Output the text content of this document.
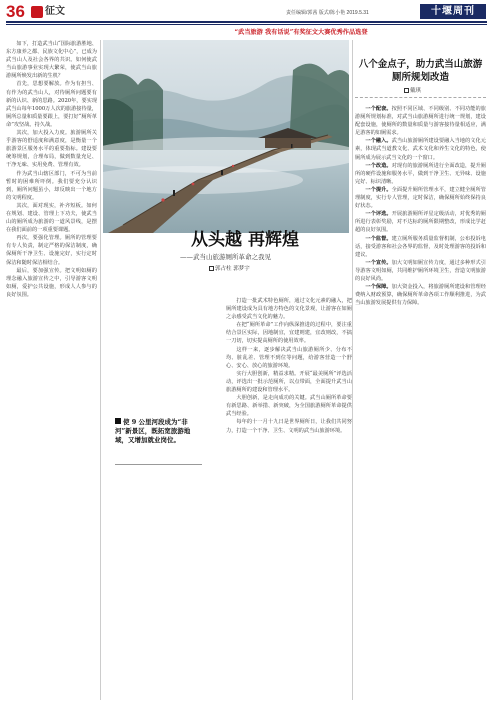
36 征文	责任编辑/郭茜 版式/陈小艳 2019.5.31	十堰周刊
“武当旅游 我有话说”有奖征文大赛优秀作品选登

如下，打造武当山“国际旅游胜地、东方康养之都、民族文化中心”，已成为武当山人及社会各界的共识。如何使武当山旅游事业实现大繁荣，使武当山旅游厕所焕发出新的生机？

首先，思想要解放。作为有担当、有作为的武当山人，对待厕所问题要有新的认识、新的思路。2020年，要实现武当山每年1000万人次的旅游接待量，厕所总量和质量要跟上，要打好“厕所革命”攻坚战、持久战。

其次，加大投入力度。旅游厕所关乎游客的舒适度和满意度，是衡量一个旅游景区服务水平的重要指标。建设要统筹规划，合理布局，做到数量充足、干净无味、实用免费、管理有效。

作为武当山辖区部门，不可为当前暂时的困难所吓倒。我们要充分认识到，厕所问题虽小，却反映出一个地方的文明程度。

其次，面对现实，补齐短板。如何在规划、建设、管理上下功夫，使武当山的厕所成为旅游的一道风景线，是摆在我们面前的一项重要课题。

再次，要强化管理。厕所的管理要有专人负责，制定严格的保洁制度，确保厕所干净卫生、设施完好，实行定时保洁和随时保洁相结合。

最后，要加强宣传。把文明如厕的理念融入旅游宣传之中，引导游客文明如厕，爱护公共设施，形成人人参与的良好氛围。

从头越 再辉煌
——武当山旅游厕所革命之我见
郭占柱 郭梦宇
使 9 公里河段成为“非河”新景区，既拓宽旅游地域，又增加就业岗位。

打造一批武术特色厕所，通过文化元素的融入，把厕所建设成为具有地方特色的文化景观，让游客在如厕之余感受武当文化的魅力。

在把“厕所革命”工作向纵深推进的过程中，要注重结合景区实际，因地制宜，宜建则建，宜改则改，不搞一刀切，切实提高厕所的使用效率。

这样一来，逐步解决武当山旅游厕所少、分布不均、脏乱差、管理不到位等问题，给游客营造一个舒心、安心、放心的旅游环境。

实行大胆创新，精益求精。开展“最美厕所”评选活动，评选出一批示范厕所，以点带面，全面提升武当山旅游厕所的建设和管理水平。

大胆创新，是走向成功的关键。武当山厕所革命要有新思路、新举措、新突破，为全国旅游厕所革命提供武当经验。

每年的十一月十九日是世界厕所日，让我们共同努力，打造一个干净、卫生、文明的武当山旅游环境。

八个金点子，助力武当山旅游厕所规划改造
戴琪

一个配套。按照不同区域、不同级别、不同功能的旅游厕所规划标准，对武当山旅游厕所进行统一规划，建设配套设施，使厕所的数量和质量与游客接待量相适应，满足游客的如厕需求。

一个融入。武当山旅游厕所建设要融入当地的文化元素，体现武当道教文化、武术文化和养生文化的特色，使厕所成为展示武当文化的一个窗口。

一个改造。对现有的旅游厕所进行全面改造，提升厕所的硬件设施和服务水平，做到干净卫生、无异味、设施完好、标识清晰。

一个提升。全面提升厕所管理水平，建立健全厕所管理制度，实行专人管理，定时保洁，确保厕所始终保持良好状态。

一个评选。开展旅游厕所评星定级活动，对优秀的厕所进行表彰奖励，对不达标的厕所限期整改，形成比学赶超的良好氛围。

一个监督。建立厕所服务质量监督机制，公布投诉电话，接受游客和社会各界的监督，及时处理游客的投诉和建议。

一个宣传。加大文明如厕宣传力度，通过多种形式引导游客文明如厕，共同维护厕所环境卫生，营造文明旅游的良好风尚。

一个保障。加大资金投入，将旅游厕所建设和管理经费纳入财政预算，确保厕所革命各项工作顺利推进，为武当山旅游发展提供有力保障。
